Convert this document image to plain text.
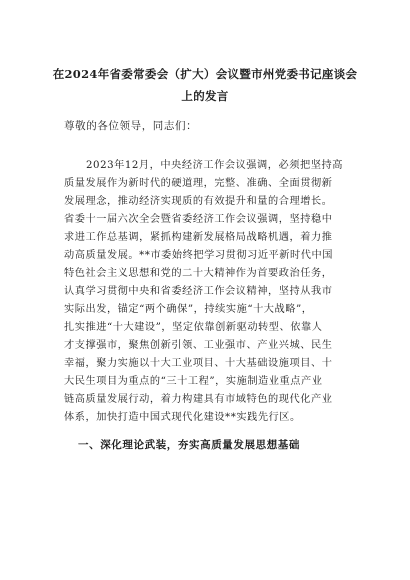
在2024年省委常委会（扩大）会议暨市州党委书记座谈会
上的发言
尊敬的各位领导，同志们：
2023年12月，中央经济工作会议强调，必须把坚持高
质量发展作为新时代的硬道理，完整、准确、全面贯彻新
发展理念，推动经济实现质的有效提升和量的合理增长。
省委十一届六次全会暨省委经济工作会议强调，坚持稳中
求进工作总基调，紧抓构建新发展格局战略机遇，着力推
动高质量发展。**市委始终把学习贯彻习近平新时代中国
特色社会主义思想和党的二十大精神作为首要政治任务，
认真学习贯彻中央和省委经济工作会议精神，坚持从我市
实际出发，锚定“两个确保”，持续实施“十大战略”，
扎实推进“十大建设”，坚定依靠创新驱动转型、依靠人
才支撑强市，聚焦创新引领、工业强市、产业兴城、民生
幸福，聚力实施以十大工业项目、十大基础设施项目、十
大民生项目为重点的“三十工程”，实施制造业重点产业
链高质量发展行动，着力构建具有市域特色的现代化产业
体系，加快打造中国式现代化建设**实践先行区。
一、深化理论武装，夯实高质量发展思想基础
